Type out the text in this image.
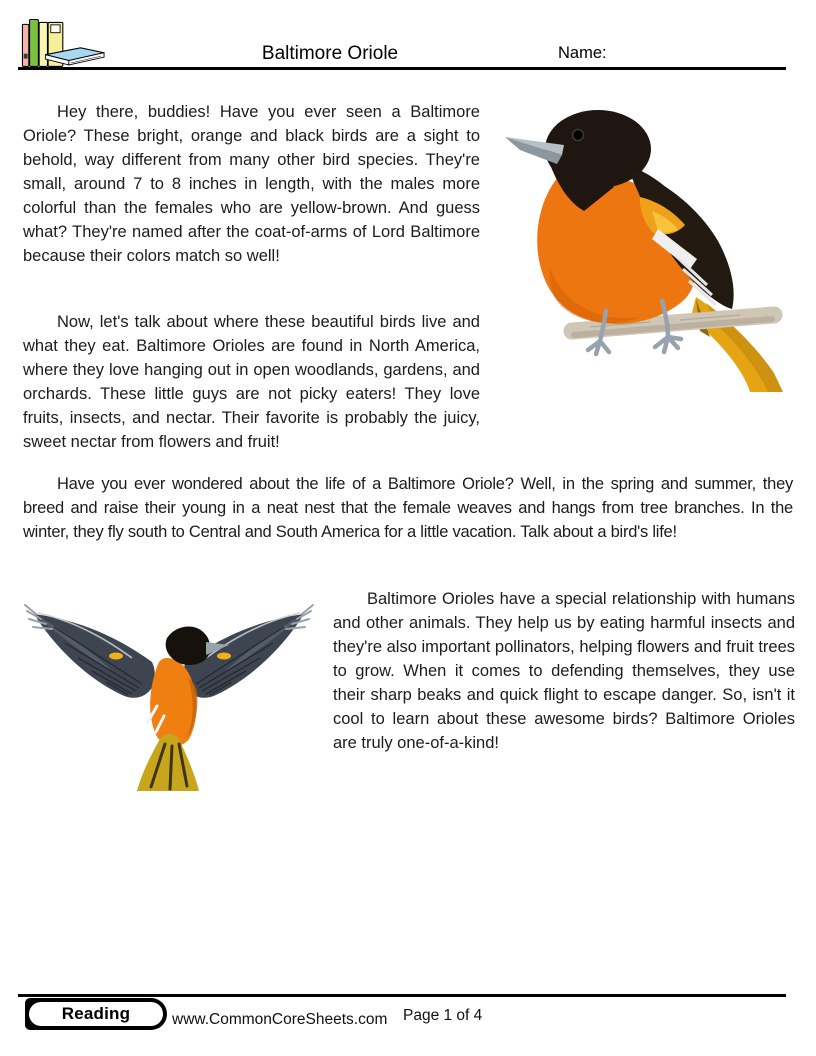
Baltimore Oriole	Name:
Hey there, buddies! Have you ever seen a Baltimore Oriole? These bright, orange and black birds are a sight to behold, way different from many other bird species. They're small, around 7 to 8 inches in length, with the males more colorful than the females who are yellow-brown. And guess what? They're named after the coat-of-arms of Lord Baltimore because their colors match so well!
Now, let's talk about where these beautiful birds live and what they eat. Baltimore Orioles are found in North America, where they love hanging out in open woodlands, gardens, and orchards. These little guys are not picky eaters! They love fruits, insects, and nectar. Their favorite is probably the juicy, sweet nectar from flowers and fruit!
Have you ever wondered about the life of a Baltimore Oriole? Well, in the spring and summer, they breed and raise their young in a neat nest that the female weaves and hangs from tree branches. In the winter, they fly south to Central and South America for a little vacation. Talk about a bird's life!
Baltimore Orioles have a special relationship with humans and other animals. They help us by eating harmful insects and they're also important pollinators, helping flowers and fruit trees to grow. When it comes to defending themselves, they use their sharp beaks and quick flight to escape danger. So, isn't it cool to learn about these awesome birds? Baltimore Orioles are truly one-of-a-kind!
Reading	www.CommonCoreSheets.com Page 1 of 4
